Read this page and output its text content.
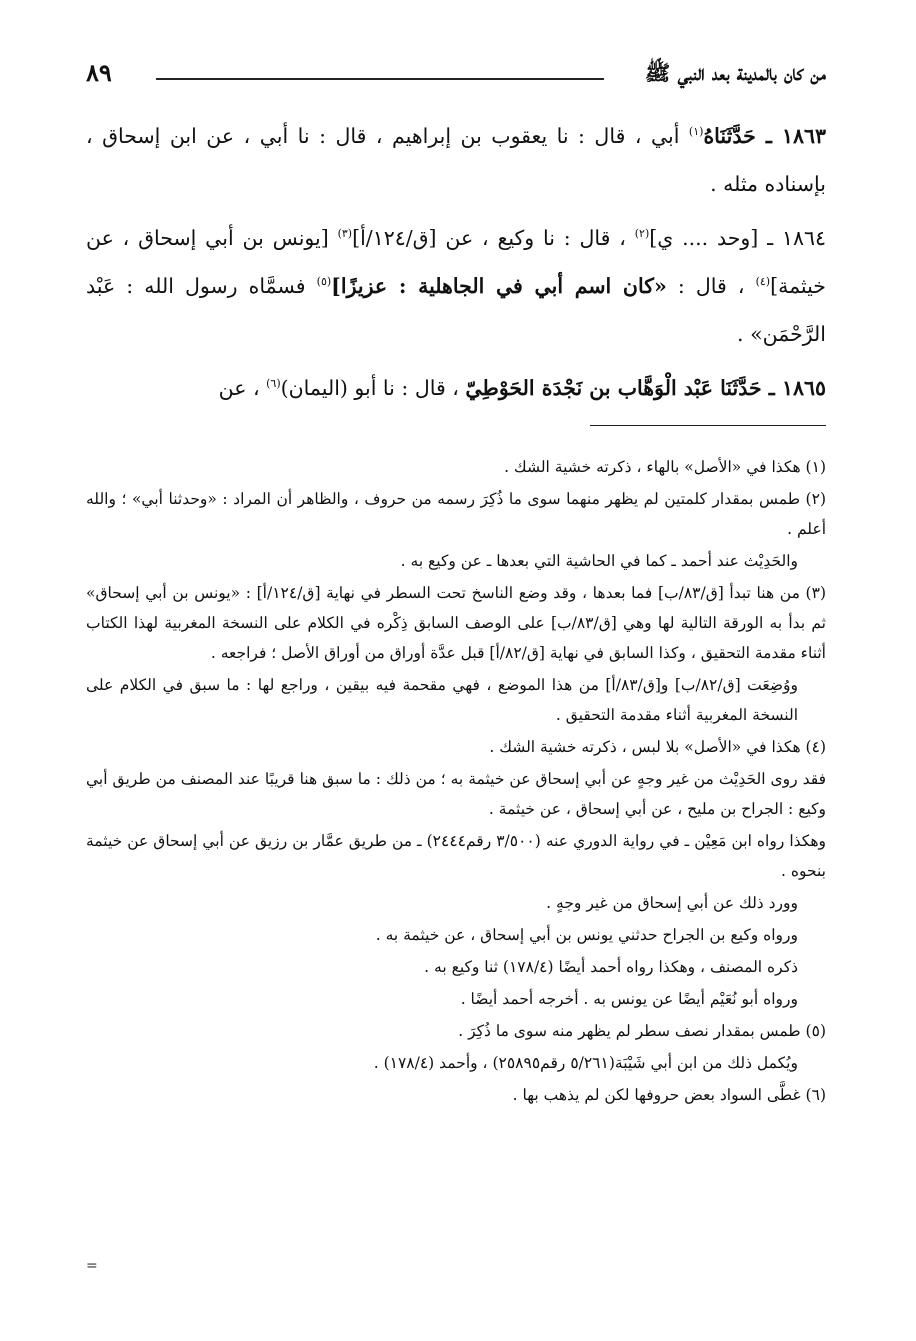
من كان بالمدينة بعد النبي ﷺ
٨٩

١٨٦٣ ـ حَدَّثَنَاهُ$^{(١)}$ أبي ، قال : نا يعقوب بن إبراهيم ، قال : نا أبي ، عن ابن إسحاق ، بإسناده مثله .

١٨٦٤ ـ [وحد .... ي]$^{(٢)}$ ، قال : نا وكيع ، عن [ق/١٢٤/أ]$^{(٣)}$ [يونس بن أبي إسحاق ، عن خيثمة]$^{(٤)}$ ، قال : «كان اسم أبي في الجاهلية : عزيزًا]$^{(٥)}$ فسمَّاه رسول الله : عَبْد الرَّحْمَن» .

١٨٦٥ ـ حَدَّثَنَا عَبْد الْوَهَّاب بن نَجْدَة الحَوْطِيّ ، قال : نا أبو (اليمان)$^{(٦)}$ ، عن

(١) هكذا في «الأصل» بالهاء ، ذكرته خشية الشك .

(٢) طمس بمقدار كلمتين لم يظهر منهما سوى ما ذُكِرَ رسمه من حروف ، والظاهر أن المراد : «وحدثنا أبي» ؛ والله أعلم .

والحَدِيْث عند أحمد ـ كما في الحاشية التي بعدها ـ عن وكيع به .

(٣) من هنا تبدأ [ق/٨٣/ب] فما بعدها ، وقد وضع الناسخ تحت السطر في نهاية [ق/١٢٤/أ] : «يونس بن أبي إسحاق» ثم بدأ به الورقة التالية لها وهي [ق/٨٣/ب] على الوصف السابق ذِكْره في الكلام على النسخة المغربية لهذا الكتاب أثناء مقدمة التحقيق ، وكذا السابق في نهاية [ق/٨٢/أ] قبل عدَّة أوراق من أوراق الأصل ؛ فراجعه .

ووُضِعَت [ق/٨٢/ب] و[ق/٨٣/أ] من هذا الموضع ، فهي مقحمة فيه بيقين ، وراجع لها : ما سبق في الكلام على النسخة المغربية أثناء مقدمة التحقيق .

(٤) هكذا في «الأصل» بلا لبس ، ذكرته خشية الشك .

فقد روى الحَدِيْث من غير وجهٍ عن أبي إسحاق عن خيثمة به ؛ من ذلك : ما سبق هنا قريبًا عند المصنف من طريق أبي وكيع : الجراح بن مليح ، عن أبي إسحاق ، عن خيثمة .

وهكذا رواه ابن مَعِيْن ـ في رواية الدوري عنه (٣/٥٠٠ رقم٢٤٤٤) ـ من طريق عمَّار بن رزيق عن أبي إسحاق عن خيثمة بنحوه .

وورد ذلك عن أبي إسحاق من غير وجهٍ .

ورواه وكيع بن الجراح حدثني يونس بن أبي إسحاق ، عن خيثمة به .

ذكره المصنف ، وهكذا رواه أحمد أيضًا (١٧٨/٤) ثنا وكيع به .

ورواه أبو نُعَيْم أيضًا عن يونس به . أخرجه أحمد أيضًا .

(٥) طمس بمقدار نصف سطر لم يظهر منه سوى ما ذُكِرَ .

ويُكمل ذلك من ابن أبي شَيْبَة(٥/٢٦١ رقم٢٥٨٩٥) ، وأحمد (١٧٨/٤) .

(٦) غطَّى السواد بعض حروفها لكن لم يذهب بها .

=
